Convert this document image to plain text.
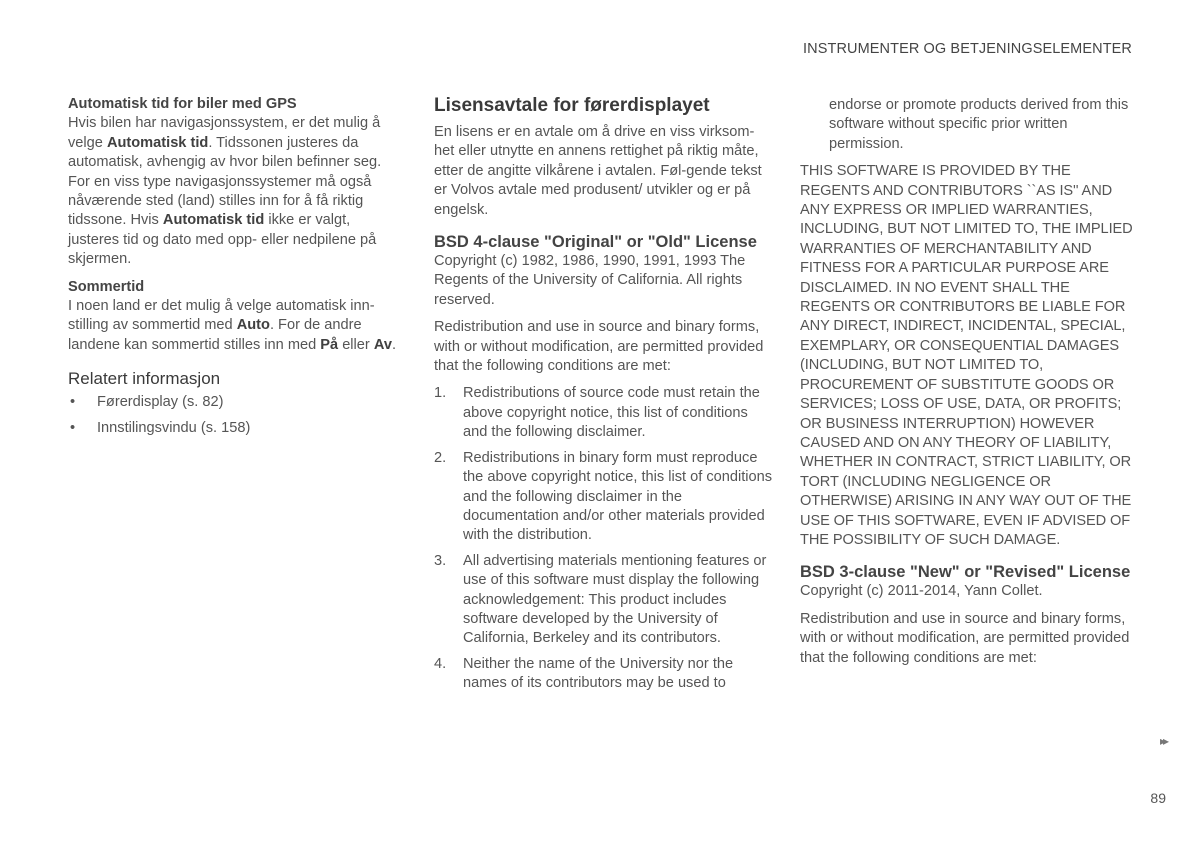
INSTRUMENTER OG BETJENINGSELEMENTER

Automatisk tid for biler med GPS

Hvis bilen har navigasjonssystem, er det mulig å velge Automatisk tid. Tidssonen justeres da automatisk, avhengig av hvor bilen befinner seg. For en viss type navigasjonssystemer må også nåværende sted (land) stilles inn for å få riktig tidssone. Hvis Automatisk tid ikke er valgt, justeres tid og dato med opp- eller nedpilene på skjermen.

Sommertid

I noen land er det mulig å velge automatisk inn-stilling av sommertid med Auto. For de andre landene kan sommertid stilles inn med På eller Av.

Relatert informasjon

• Førerdisplay (s. 82)
• Innstilingsvindu (s. 158)

Lisensavtale for førerdisplayet

En lisens er en avtale om å drive en viss virksom-het eller utnytte en annens rettighet på riktig måte, etter de angitte vilkårene i avtalen. Føl-gende tekst er Volvos avtale med produsent/ utvikler og er på engelsk.

BSD 4-clause "Original" or "Old" License

Copyright (c) 1982, 1986, 1990, 1991, 1993 The Regents of the University of California. All rights reserved.

Redistribution and use in source and binary forms, with or without modification, are permitted provided that the following conditions are met:

1. Redistributions of source code must retain the above copyright notice, this list of conditions and the following disclaimer.
2. Redistributions in binary form must reproduce the above copyright notice, this list of conditions and the following disclaimer in the documentation and/or other materials provided with the distribution.
3. All advertising materials mentioning features or use of this software must display the following acknowledgement: This product includes software developed by the University of California, Berkeley and its contributors.
4. Neither the name of the University nor the names of its contributors may be used to

endorse or promote products derived from this software without specific prior written permission.

THIS SOFTWARE IS PROVIDED BY THE REGENTS AND CONTRIBUTORS ``AS IS'' AND ANY EXPRESS OR IMPLIED WARRANTIES, INCLUDING, BUT NOT LIMITED TO, THE IMPLIED WARRANTIES OF MERCHANTABILITY AND FITNESS FOR A PARTICULAR PURPOSE ARE DISCLAIMED. IN NO EVENT SHALL THE REGENTS OR CONTRIBUTORS BE LIABLE FOR ANY DIRECT, INDIRECT, INCIDENTAL, SPECIAL, EXEMPLARY, OR CONSEQUENTIAL DAMAGES (INCLUDING, BUT NOT LIMITED TO, PROCUREMENT OF SUBSTITUTE GOODS OR SERVICES; LOSS OF USE, DATA, OR PROFITS; OR BUSINESS INTERRUPTION) HOWEVER CAUSED AND ON ANY THEORY OF LIABILITY, WHETHER IN CONTRACT, STRICT LIABILITY, OR TORT (INCLUDING NEGLIGENCE OR OTHERWISE) ARISING IN ANY WAY OUT OF THE USE OF THIS SOFTWARE, EVEN IF ADVISED OF THE POSSIBILITY OF SUCH DAMAGE.

BSD 3-clause "New" or "Revised" License

Copyright (c) 2011-2014, Yann Collet.

Redistribution and use in source and binary forms, with or without modification, are permitted provided that the following conditions are met:

▸▸
89
